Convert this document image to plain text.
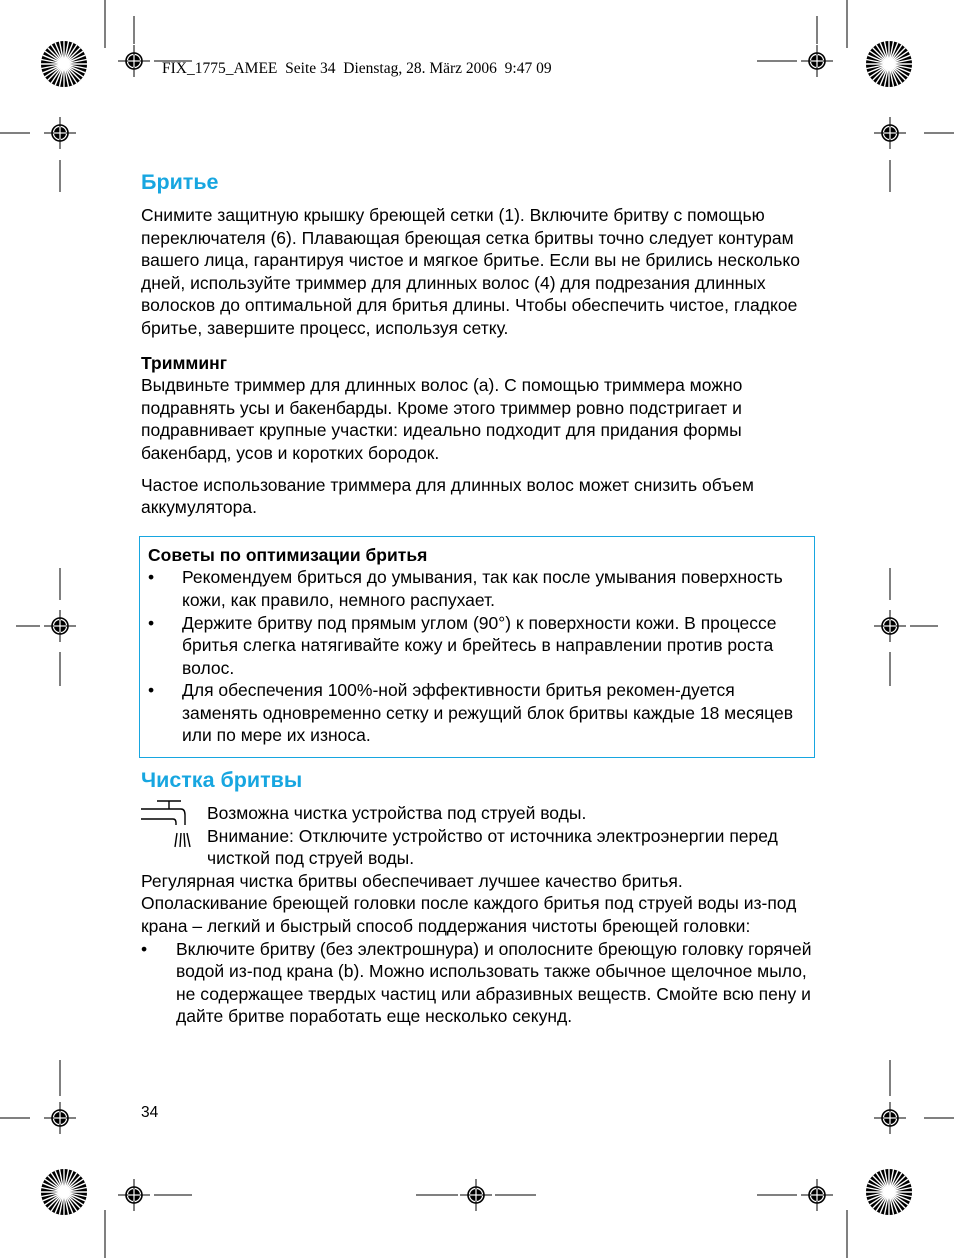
FIX_1775_AMEE  Seite 34  Dienstag, 28. März 2006  9:47 09
Бритье

Снимите защитную крышку бреющей сетки (1). Включите бритву с помощью переключателя (6). Плавающая бреющая сетка бритвы точно следует контурам вашего лица, гарантируя чистое и мягкое бритье. Если вы не брились несколько дней, используйте триммер для длинных волос (4) для подрезания длинных волосков до оптимальной для бритья длины. Чтобы обеспечить чистое, гладкое бритье, завершите процесс, используя сетку.

Тримминг

Выдвиньте триммер для длинных волос (а). С помощью триммера можно подравнять усы и бакенбарды. Кроме этого триммер ровно подстригает и подравнивает крупные участки: идеально подходит для придания формы бакенбард, усов и коротких бородок.

Частое использование триммера для длинных волос может снизить объем аккумулятора.

Советы по оптимизации бритья
• Рекомендуем бриться до умывания, так как после умывания поверхность кожи, как правило, немного распухает.
• Держите бритву под прямым углом (90°) к поверхности кожи. В процессе бритья слегка натягивайте кожу и брейтесь в направлении против роста волос.
• Для обеспечения 100%-ной эффективности бритья рекомен-дуется заменять одновременно сетку и режущий блок бритвы каждые 18 месяцев или по мере их износа.
Чистка бритвы

Возможна чистка устройства под струей воды.

Внимание: Отключите устройство от источника электроэнергии перед чисткой под струей воды.

Регулярная чистка бритвы обеспечивает лучшее качество бритья. Ополаскивание бреющей головки после каждого бритья под струей воды из-под крана – легкий и быстрый способ поддержания чистоты бреющей головки:

• Включите бритву (без электрошнура) и ополосните бреющую головку горячей водой из-под крана (b). Можно использовать также обычное щелочное мыло, не содержащее твердых частиц или абразивных веществ. Смойте всю пену и дайте бритве поработать еще несколько секунд.
34
